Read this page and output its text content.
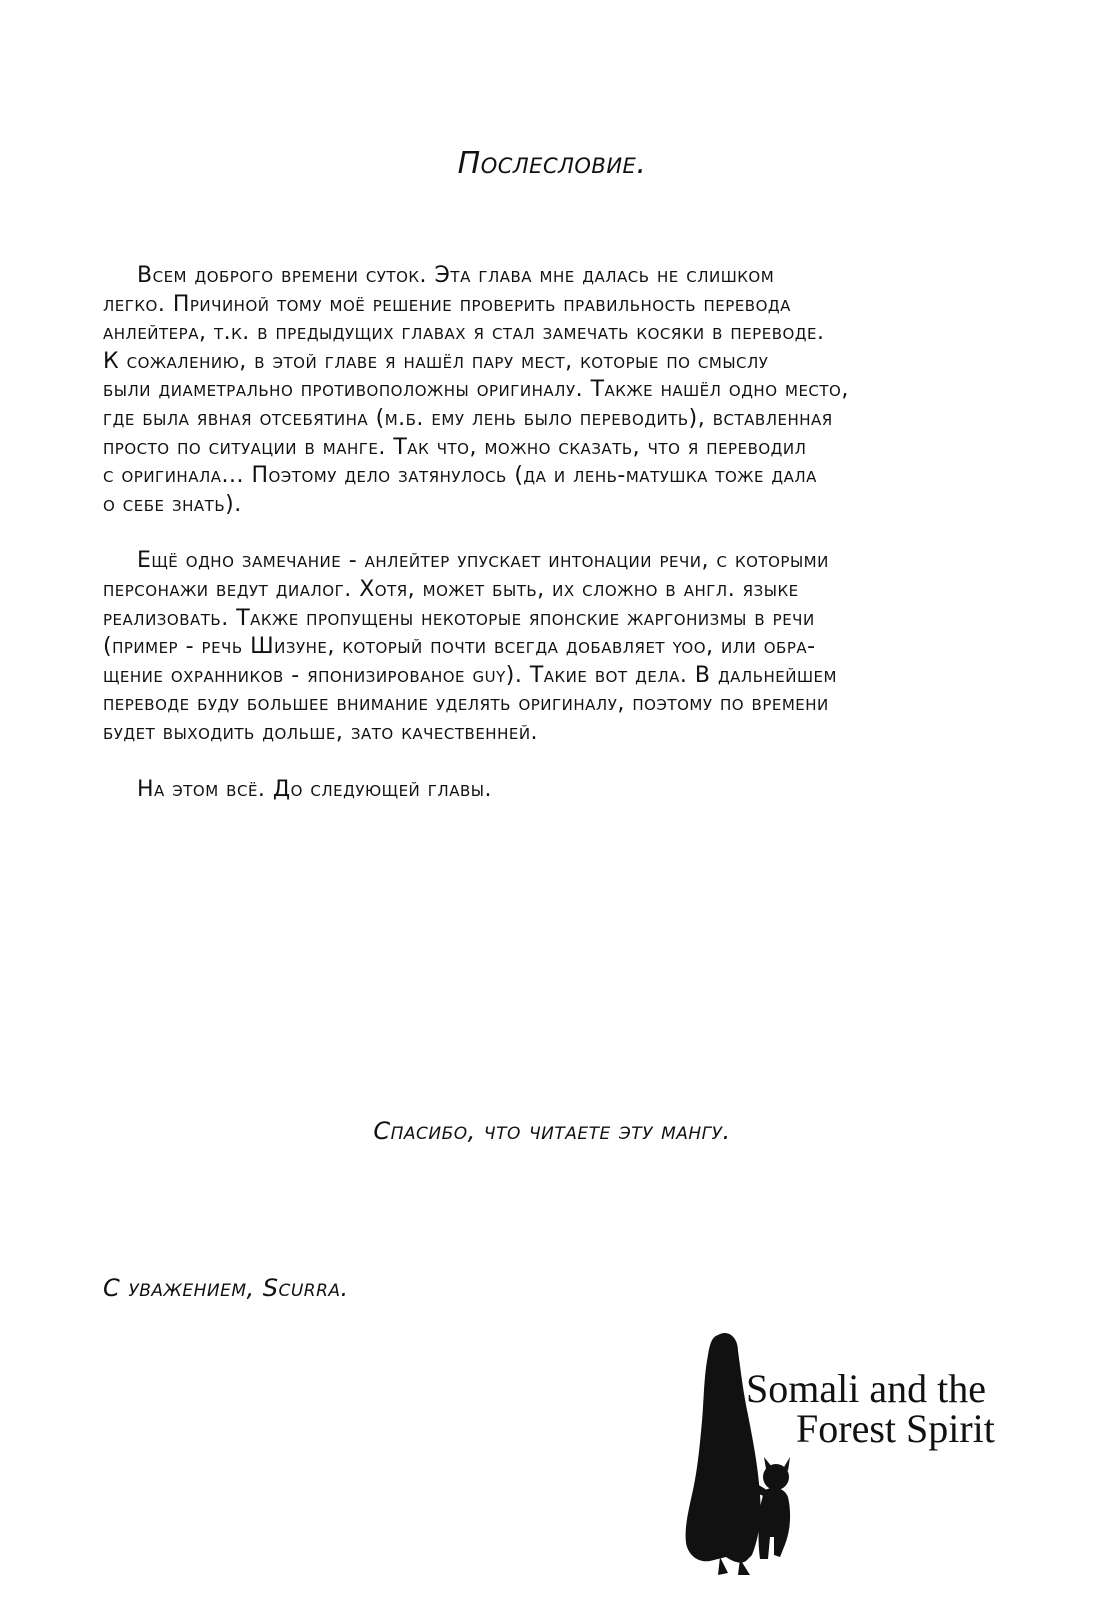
Послесловие.

Всем доброго времени суток. Эта глава мне далась не слишком
легко. Причиной тому моё решение проверить правильность перевода
анлейтера, т.к. в предыдущих главах я стал замечать косяки в переводе.
К сожалению, в этой главе я нашёл пару мест, которые по смыслу
были диаметрально противоположны оригиналу. Также нашёл одно место,
где была явная отсебятина (м.б. ему лень было переводить), вставленная
просто по ситуации в манге. Так что, можно сказать, что я переводил
с оригинала... Поэтому дело затянулось (да и лень-матушка тоже дала
о себе знать).

Ещё одно замечание - анлейтер упускает интонации речи, с которыми
персонажи ведут диалог. Хотя, может быть, их сложно в англ. языке
реализовать. Также пропущены некоторые японские жаргонизмы в речи
(пример - речь Шизуне, который почти всегда добавляет yoo, или обра-
щение охранников - японизированое guy). Такие вот дела. В дальнейшем
переводе буду большее внимание уделять оригиналу, поэтому по времени
будет выходить дольше, зато качественней.

На этом всё. До следующей главы.

Спасибо, что читаете эту мангу.
С уважением, Scurra.
Somali and the
Forest Spirit
